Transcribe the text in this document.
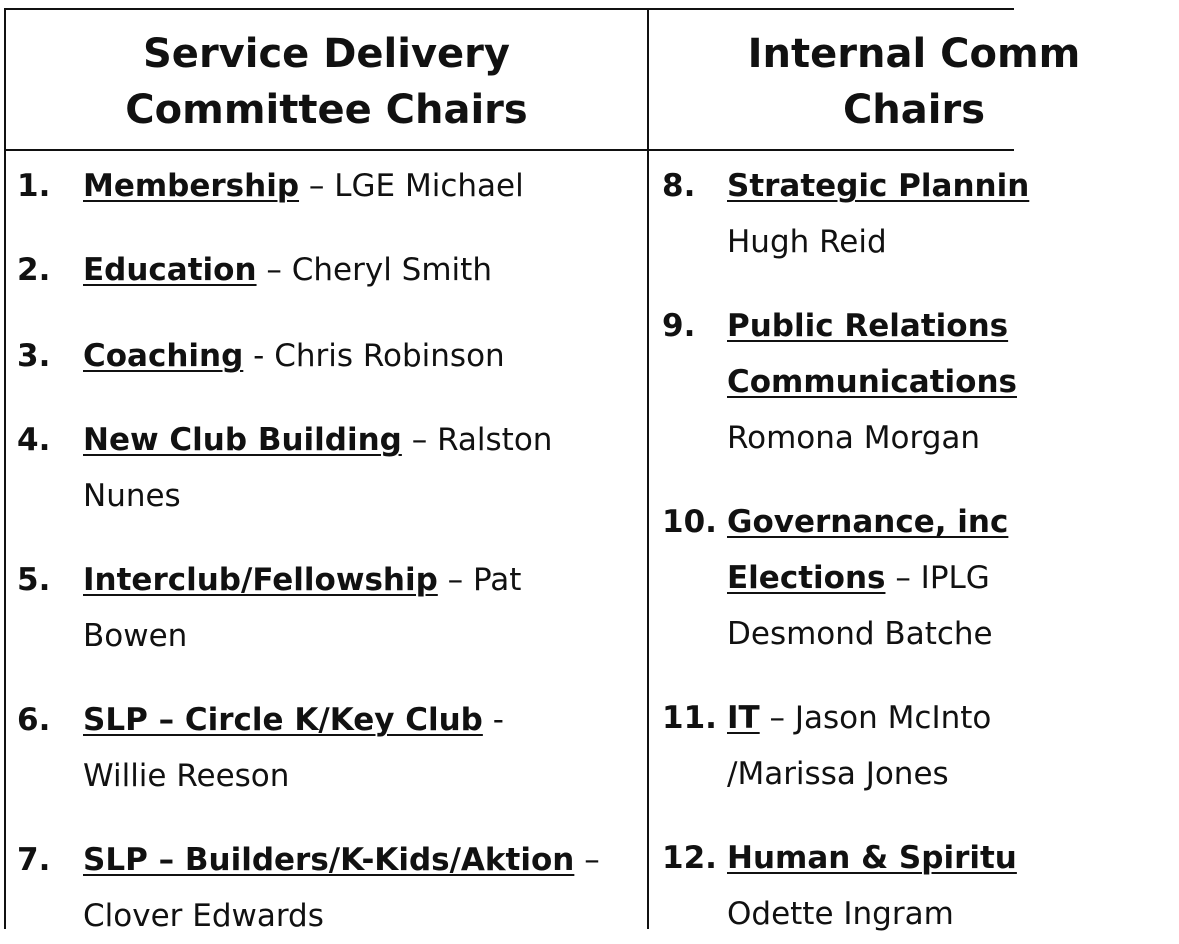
Service Delivery
Committee Chairs
Internal Comm
Chairs
1. Membership – LGE Michael
2. Education – Cheryl Smith
3. Coaching - Chris Robinson
4. New Club Building – Ralston
Nunes
5. Interclub/Fellowship – Pat
Bowen
6. SLP – Circle K/Key Club -
Willie Reeson
7. SLP – Builders/K-Kids/Aktion –
Clover Edwards
8. Strategic Plannin
Hugh Reid
9. Public Relations
Communications
Romona Morgan
10. Governance, inc
Elections – IPLG
Desmond Batche
11. IT – Jason McInto
/Marissa Jones
12. Human & Spiritu
Odette Ingram
